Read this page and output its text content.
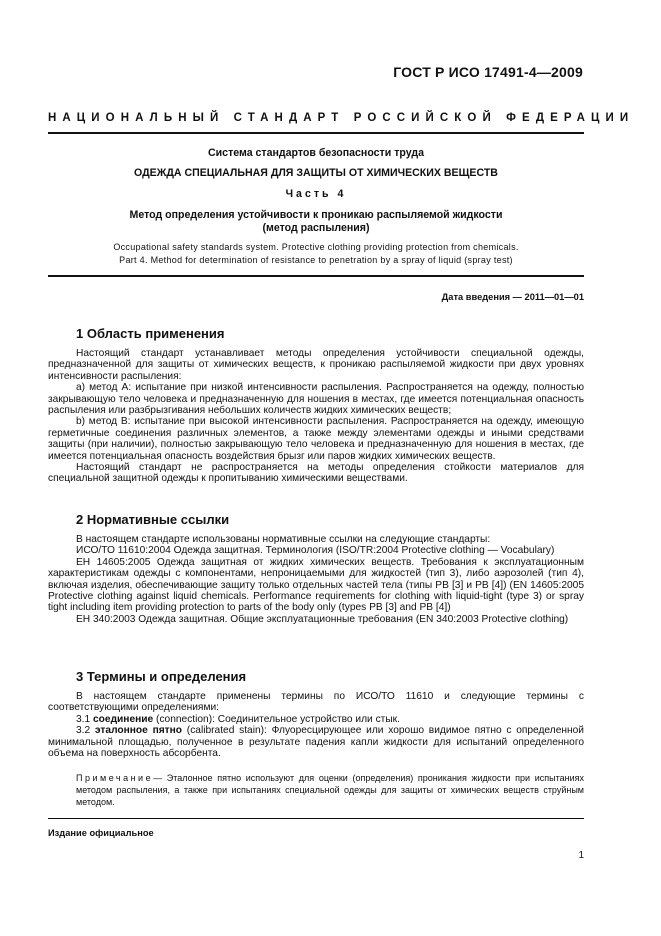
ГОСТ Р ИСО 17491-4—2009
НАЦИОНАЛЬНЫЙ СТАНДАРТ РОССИЙСКОЙ ФЕДЕРАЦИИ
Система стандартов безопасности труда
ОДЕЖДА СПЕЦИАЛЬНАЯ ДЛЯ ЗАЩИТЫ ОТ ХИМИЧЕСКИХ ВЕЩЕСТВ
Часть 4
Метод определения устойчивости к проникаю распыляемой жидкости
(метод распыления)
Occupational safety standards system. Protective clothing providing protection from chemicals.
Part 4. Method for determination of resistance to penetration by a spray of liquid (spray test)
Дата введения — 2011—01—01
1 Область применения

Настоящий стандарт устанавливает методы определения устойчивости специальной одежды, предназначенной для защиты от химических веществ, к проникаю распыляемой жидкости при двух уровнях интенсивности распыления:

a) метод А: испытание при низкой интенсивности распыления. Распространяется на одежду, полностью закрывающую тело человека и предназначенную для ношения в местах, где имеется потенциальная опасность распыления или разбрызгивания небольших количеств жидких химических веществ;

b) метод В: испытание при высокой интенсивности распыления. Распространяется на одежду, имеющую герметичные соединения различных элементов, а также между элементами одежды и иными средствами защиты (при наличии), полностью закрывающую тело человека и предназначенную для ношения в местах, где имеется потенциальная опасность воздействия брызг или паров жидких химических веществ.

Настоящий стандарт не распространяется на методы определения стойкости материалов для специальной защитной одежды к пропитыванию химическими веществами.

2 Нормативные ссылки

В настоящем стандарте использованы нормативные ссылки на следующие стандарты:

ИСО/ТО 11610:2004 Одежда защитная. Терминология (ISO/TR:2004 Protective clothing — Vocabulary)

ЕН 14605:2005 Одежда защитная от жидких химических веществ. Требования к эксплуатационным характеристикам одежды с компонентами, непроницаемыми для жидкостей (тип 3), либо аэрозолей (тип 4), включая изделия, обеспечивающие защиту только отдельных частей тела (типы PB [3] и PB [4]) (EN 14605:2005 Protective clothing against liquid chemicals. Performance requirements for clothing with liquid-tight (type 3) or spray tight including item providing protection to parts of the body only (types PB [3] and PB [4])

ЕН 340:2003 Одежда защитная. Общие эксплуатационные требования (EN 340:2003 Protective clothing)

3 Термины и определения

В настоящем стандарте применены термины по ИСО/ТО 11610 и следующие термины с соответствующими определениями:

3.1 соединение (connection): Соединительное устройство или стык.

3.2 эталонное пятно (calibrated stain): Флуоресцирующее или хорошо видимое пятно с определенной минимальной площадью, полученное в результате падения капли жидкости для испытаний определенного объема на поверхность абсорбента.

Примечание— Эталонное пятно используют для оценки (определения) проникания жидкости при испытаниях методом распыления, а также при испытаниях специальной одежды для защиты от химических веществ струйным методом.
Издание официальное
1
